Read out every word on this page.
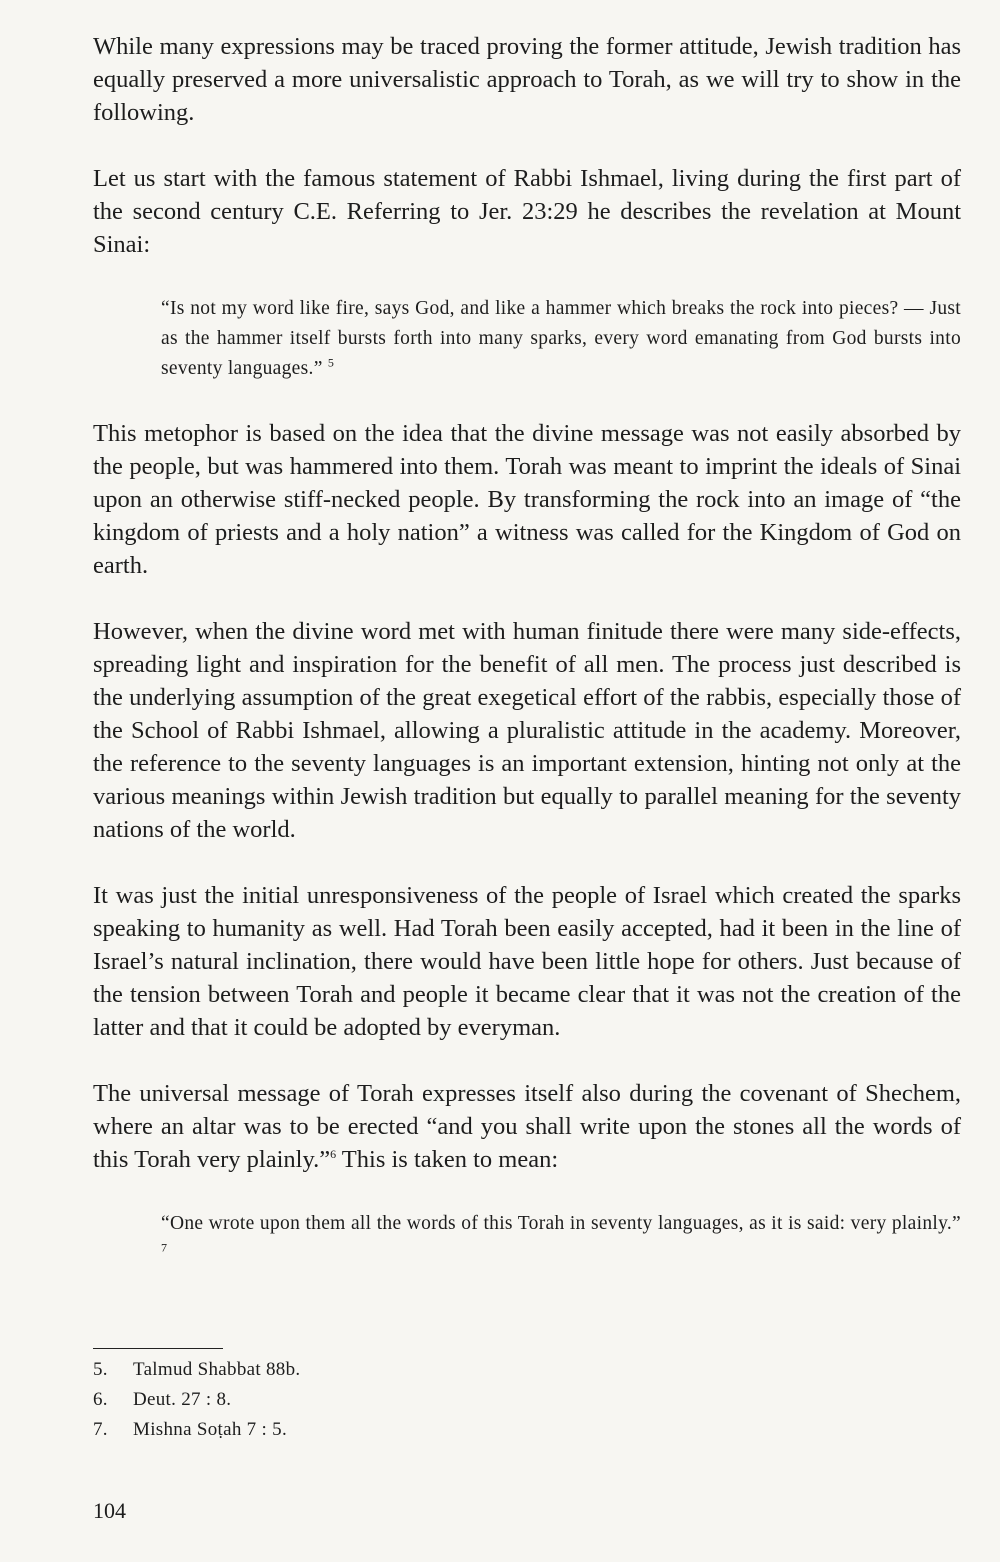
While many expressions may be traced proving the former attitude, Jewish tradition has equally preserved a more universalistic approach to Torah, as we will try to show in the following.

Let us start with the famous statement of Rabbi Ishmael, living during the first part of the second century C.E. Referring to Jer. 23:29 he describes the revelation at Mount Sinai:

“Is not my word like fire, says God, and like a hammer which breaks the rock into pieces? — Just as the hammer itself bursts forth into many sparks, every word emanating from God bursts into seventy languages.” $^5$

This metophor is based on the idea that the divine message was not easily absorbed by the people, but was hammered into them. Torah was meant to imprint the ideals of Sinai upon an otherwise stiff-necked people. By transforming the rock into an image of “the kingdom of priests and a holy nation” a witness was called for the Kingdom of God on earth.

However, when the divine word met with human finitude there were many side-effects, spreading light and inspiration for the benefit of all men. The process just described is the underlying assumption of the great exegetical effort of the rabbis, especially those of the School of Rabbi Ishmael, allowing a pluralistic attitude in the academy. Moreover, the reference to the seventy languages is an important extension, hinting not only at the various meanings within Jewish tradition but equally to parallel meaning for the seventy nations of the world.

It was just the initial unresponsiveness of the people of Israel which created the sparks speaking to humanity as well. Had Torah been easily accepted, had it been in the line of Israel’s natural inclination, there would have been little hope for others. Just because of the tension between Torah and people it became clear that it was not the creation of the latter and that it could be adopted by everyman.

The universal message of Torah expresses itself also during the covenant of Shechem, where an altar was to be erected “and you shall write upon the stones all the words of this Torah very plainly.”$^6$ This is taken to mean:

“One wrote upon them all the words of this Torah in seventy languages, as it is said: very plainly.” $^7$

5. Talmud Shabbat 88b.
6. Deut. 27 : 8.
7. Mishna Soṭah 7 : 5.
104
